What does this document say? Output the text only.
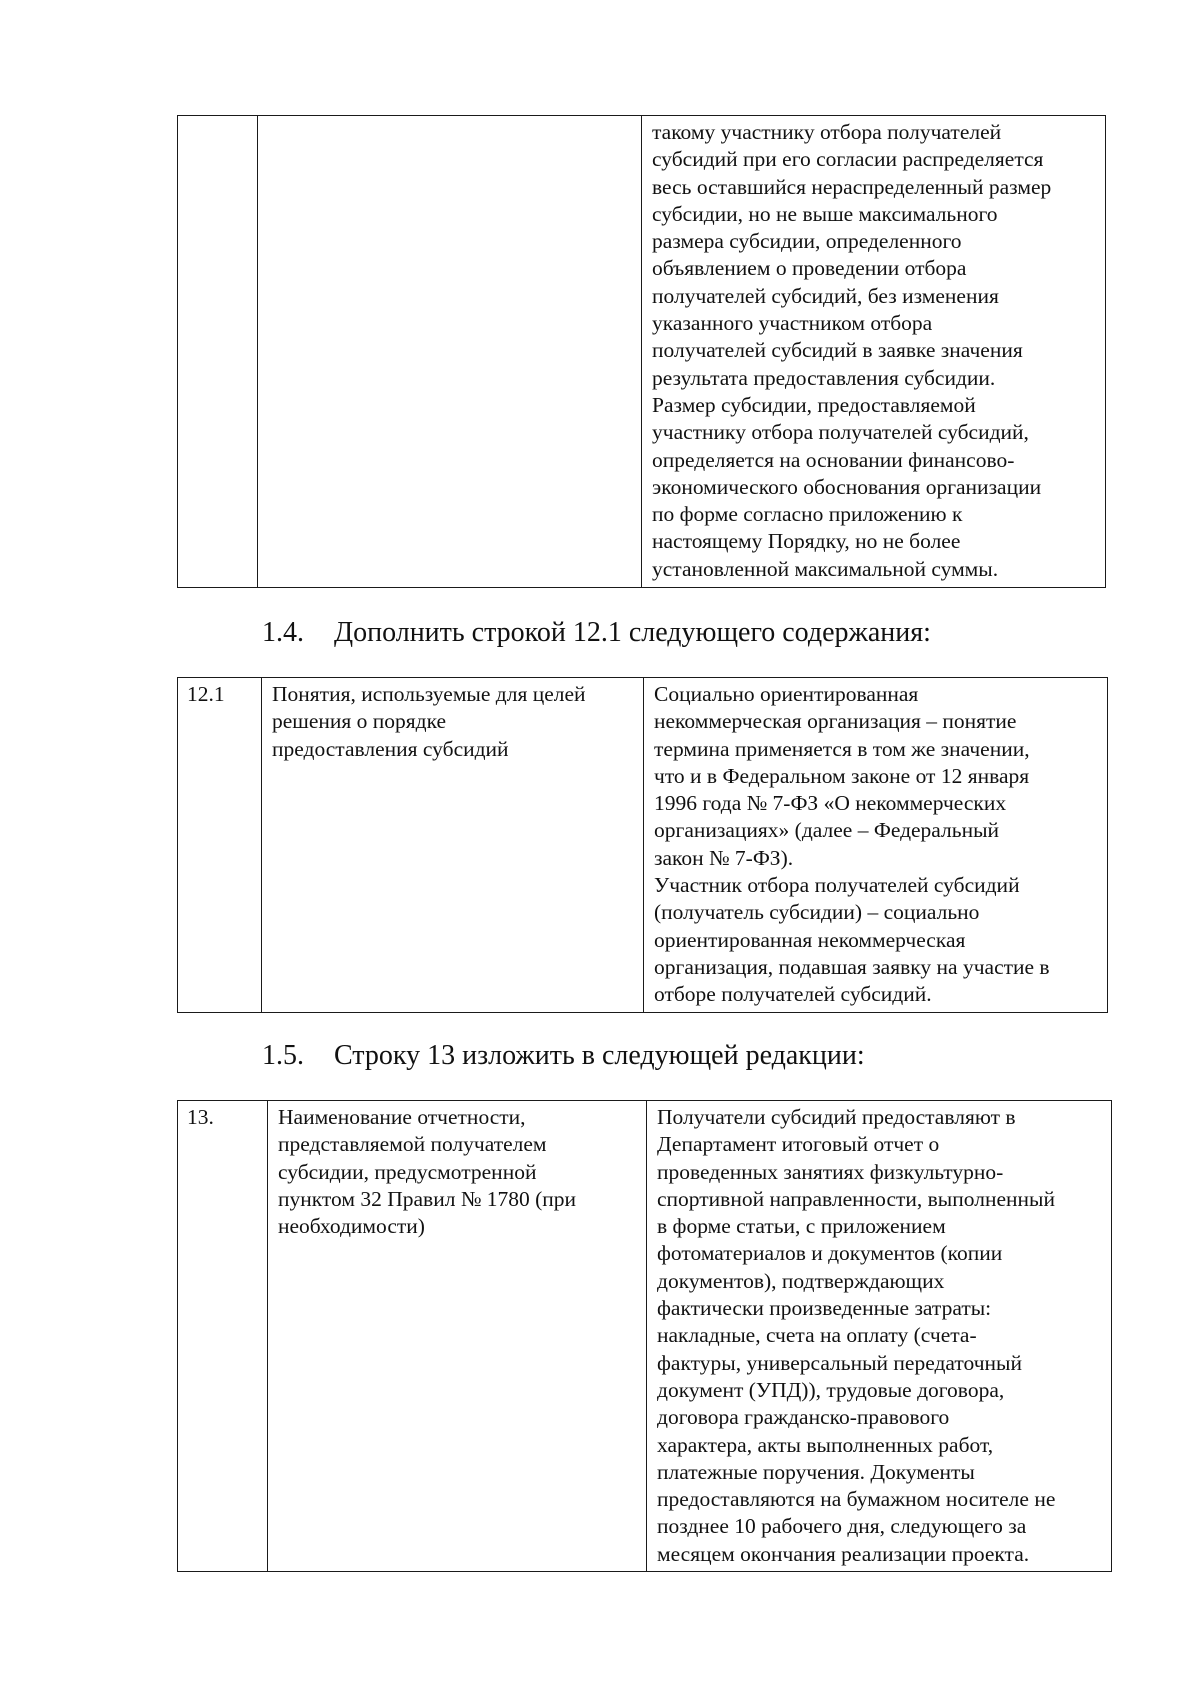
		такому участнику отбора получателей
субсидий при его согласии распределяется
весь оставшийся нераспределенный размер
субсидии, но не выше максимального
размера субсидии, определенного
объявлением о проведении отбора
получателей субсидий, без изменения
указанного участником отбора
получателей субсидий в заявке значения
результата предоставления субсидии.
Размер субсидии, предоставляемой
участнику отбора получателей субсидий,
определяется на основании финансово-
экономического обоснования организации
по форме согласно приложению к
настоящему Порядку, но не более
установленной максимальной суммы.
1.4. Дополнить строкой 12.1 следующего содержания:
12.1	Понятия, используемые для целей
решения о порядке
предоставления субсидий	Социально ориентированная
некоммерческая организация – понятие
термина применяется в том же значении,
что и в Федеральном законе от 12 января
1996 года № 7-ФЗ «О некоммерческих
организациях» (далее – Федеральный
закон № 7-ФЗ).
Участник отбора получателей субсидий
(получатель субсидии) – социально
ориентированная некоммерческая
организация, подавшая заявку на участие в
отборе получателей субсидий.
1.5. Строку 13 изложить в следующей редакции:
13.	Наименование отчетности,
представляемой получателем
субсидии, предусмотренной
пунктом 32 Правил № 1780 (при
необходимости)	Получатели субсидий предоставляют в
Департамент итоговый отчет о
проведенных занятиях физкультурно-
спортивной направленности, выполненный
в форме статьи, с приложением
фотоматериалов и документов (копии
документов), подтверждающих
фактически произведенные затраты:
накладные, счета на оплату (счета-
фактуры, универсальный передаточный
документ (УПД)), трудовые договора,
договора гражданско-правового
характера, акты выполненных работ,
платежные поручения. Документы
предоставляются на бумажном носителе не
позднее 10 рабочего дня, следующего за
месяцем окончания реализации проекта.
